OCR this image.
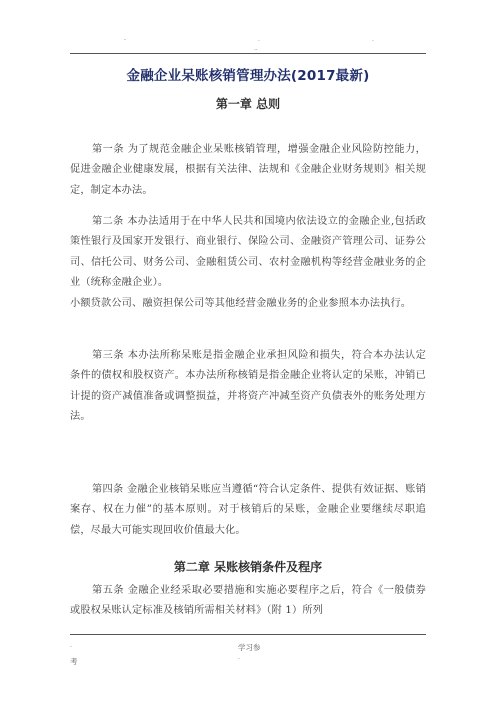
-	.	.
..
金融企业呆账核销管理办法(2017最新)
第一章 总则
第一条 为了规范金融企业呆账核销管理，增强金融企业风险防控能力，促进金融企业健康发展，根据有关法律、法规和《金融企业财务规则》相关规定，制定本办法。
第二条 本办法适用于在中华人民共和国境内依法设立的金融企业,包括政策性银行及国家开发银行、商业银行、保险公司、金融资产管理公司、证券公司、信托公司、财务公司、金融租赁公司、农村金融机构等经营金融业务的企业（统称金融企业）。
小额贷款公司、融资担保公司等其他经营金融业务的企业参照本办法执行。
第三条 本办法所称呆账是指金融企业承担风险和损失，符合本办法认定条件的债权和股权资产。本办法所称核销是指金融企业将认定的呆账，冲销已计提的资产减值准备或调整损益，并将资产冲减至资产负债表外的账务处理方法。
第四条 金融企业核销呆账应当遵循“符合认定条件、提供有效证据、账销案存、权在力催”的基本原则。对于核销后的呆账，金融企业要继续尽职追偿，尽最大可能实现回收价值最大化。
第二章 呆账核销条件及程序
第五条 金融企业经采取必要措施和实施必要程序之后，符合《一般债券或股权呆账认定标准及核销所需相关材料》（附 1）所列
.	学习参
考	.
